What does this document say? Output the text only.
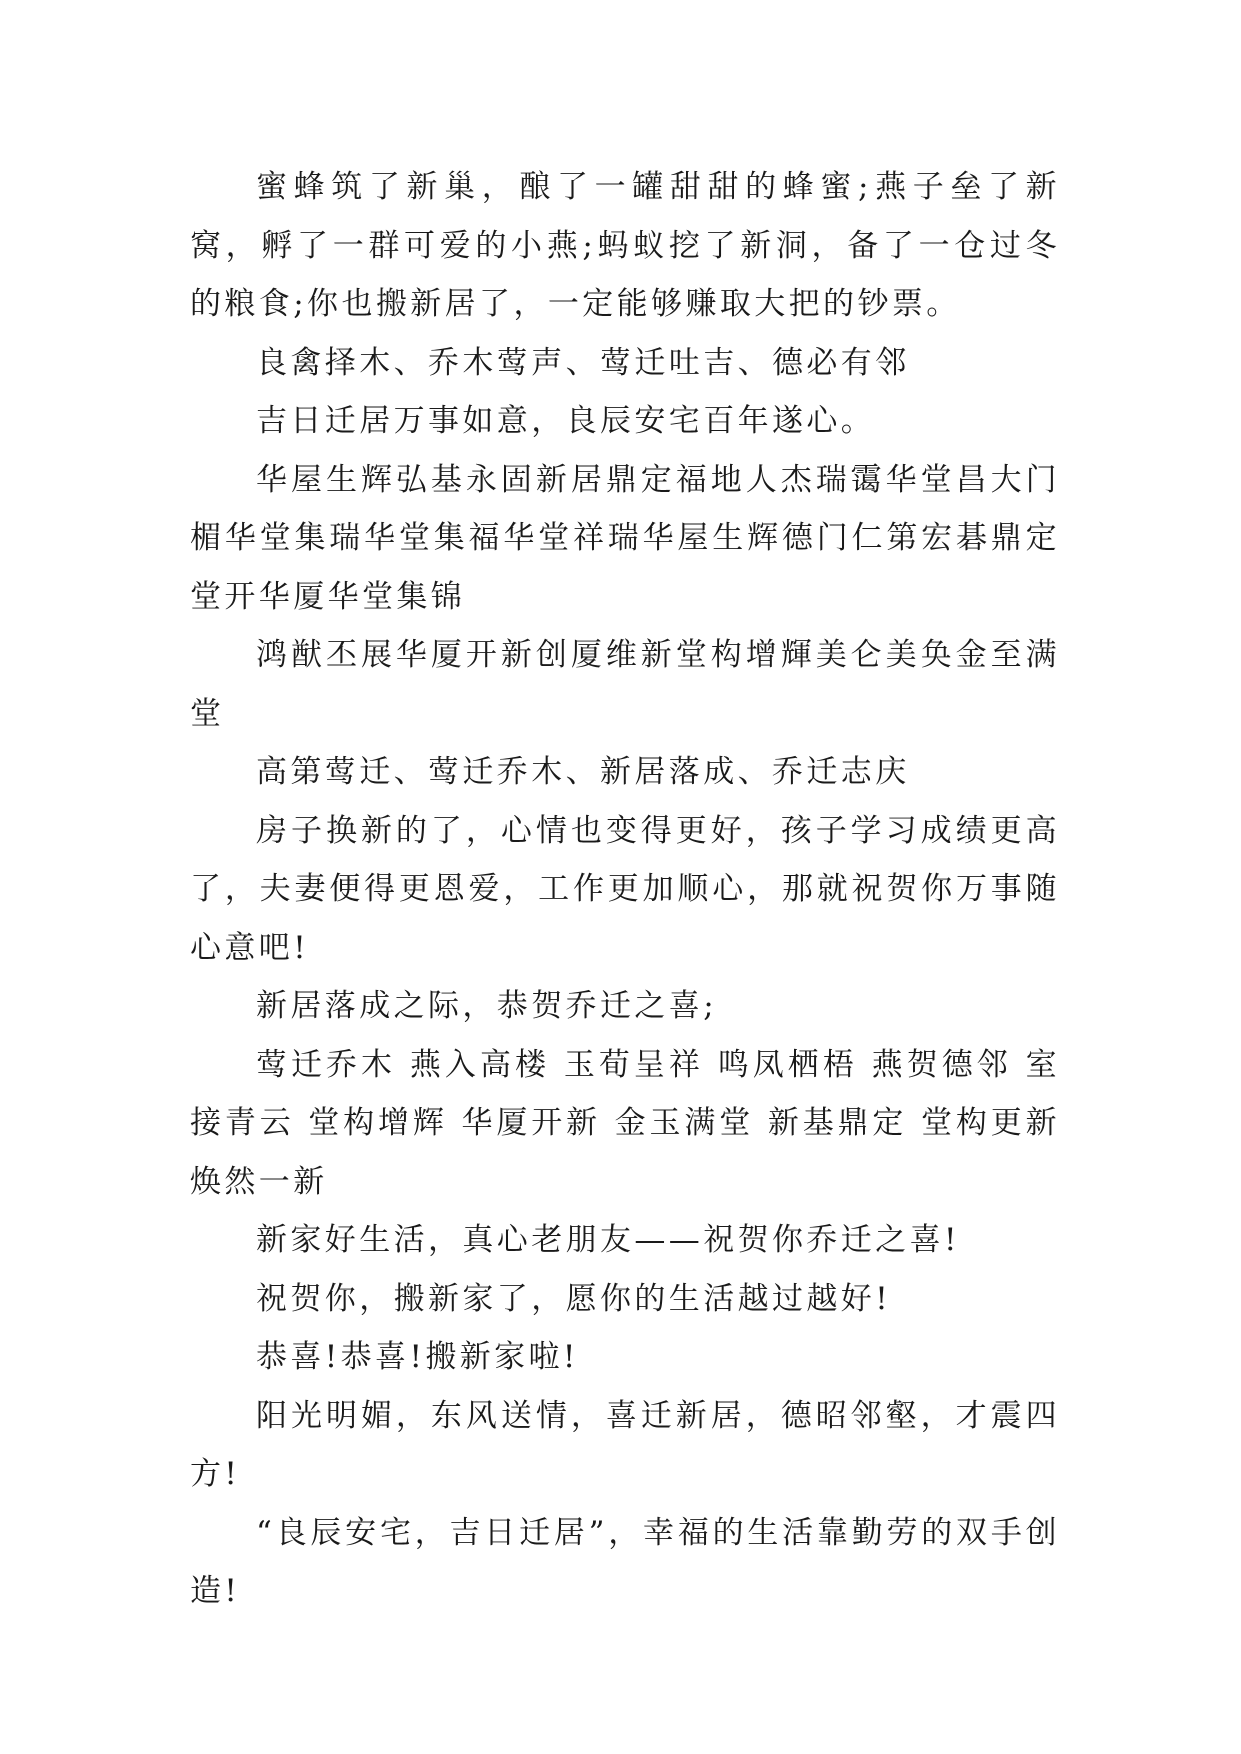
蜜蜂筑了新巢，酿了一罐甜甜的蜂蜜;燕子垒了新窝，孵了一群可爱的小燕;蚂蚁挖了新洞，备了一仓过冬的粮食;你也搬新居了，一定能够赚取大把的钞票。

良禽择木、乔木莺声、莺迁吐吉、德必有邻

吉日迁居万事如意，良辰安宅百年遂心。

华屋生辉弘基永固新居鼎定福地人杰瑞霭华堂昌大门楣华堂集瑞华堂集福华堂祥瑞华屋生辉德门仁第宏碁鼎定堂开华厦华堂集锦

鸿猷丕展华厦开新创厦维新堂构增輝美仑美奂金至满堂

高第莺迁、莺迁乔木、新居落成、乔迁志庆

房子换新的了，心情也变得更好，孩子学习成绩更高了，夫妻便得更恩爱，工作更加顺心，那就祝贺你万事随心意吧!

新居落成之际，恭贺乔迁之喜;

莺迁乔木 燕入高楼 玉荀呈祥 鸣凤栖梧 燕贺德邻 室接青云 堂构增辉 华厦开新 金玉满堂 新基鼎定 堂构更新 焕然一新

新家好生活，真心老朋友——祝贺你乔迁之喜!

祝贺你，搬新家了，愿你的生活越过越好!

恭喜!恭喜!搬新家啦!

阳光明媚，东风送情，喜迁新居，德昭邻壑，才震四方!

“良辰安宅，吉日迁居”，幸福的生活靠勤劳的双手创造!
